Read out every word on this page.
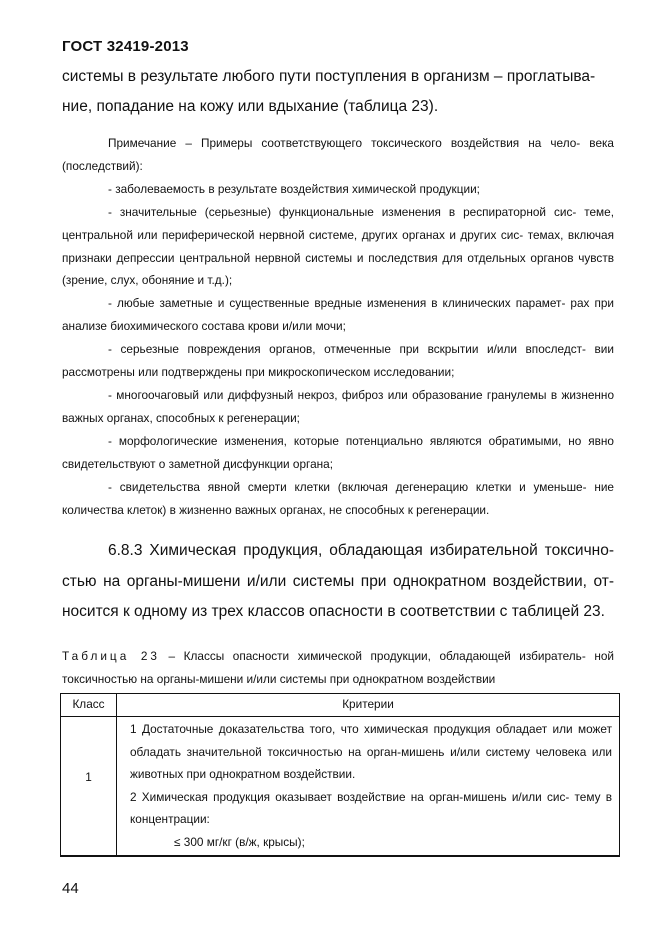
ГОСТ 32419-2013
системы в результате любого пути поступления в организм – проглатыва-
ние, попадание на кожу или вдыхание (таблица 23).

Примечание – Примеры соответствующего токсического воздействия на чело- века (последствий):

- заболеваемость в результате воздействия химической продукции;

- значительные (серьезные) функциональные изменения в респираторной сис- теме, центральной или периферической нервной системе, других органах и других сис- темах, включая признаки депрессии центральной нервной системы и последствия для отдельных органов чувств (зрение, слух, обоняние и т.д.);

- любые заметные и существенные вредные изменения в клинических парамет- рах при анализе биохимического состава крови и/или мочи;

- серьезные повреждения органов, отмеченные при вскрытии и/или впоследст- вии рассмотрены или подтверждены при микроскопическом исследовании;

- многоочаговый или диффузный некроз, фиброз или образование гранулемы в жизненно важных органах, способных к регенерации;

- морфологические изменения, которые потенциально являются обратимыми, но явно свидетельствуют о заметной дисфункции органа;

- свидетельства явной смерти клетки (включая дегенерацию клетки и уменьше- ние количества клеток) в жизненно важных органах, не способных к регенерации.

6.8.3 Химическая продукция, обладающая избирательной токсично- стью на органы-мишени и/или системы при однократном воздействии, от- носится к одному из трех классов опасности в соответствии с таблицей 23.

Таблица 23 – Классы опасности химической продукции, обладающей избиратель- ной токсичностью на органы-мишени и/или системы при однократном воздействии
Класс	Критерии
1

1 Достаточные доказательства того, что химическая продукция обладает или может обладать значительной токсичностью на орган-мишень и/или систему человека или животных при однократном воздействии.

2 Химическая продукция оказывает воздействие на орган-мишень и/или сис- тему в концентрации:

≤ 300 мг/кг (в/ж, крысы);

44
